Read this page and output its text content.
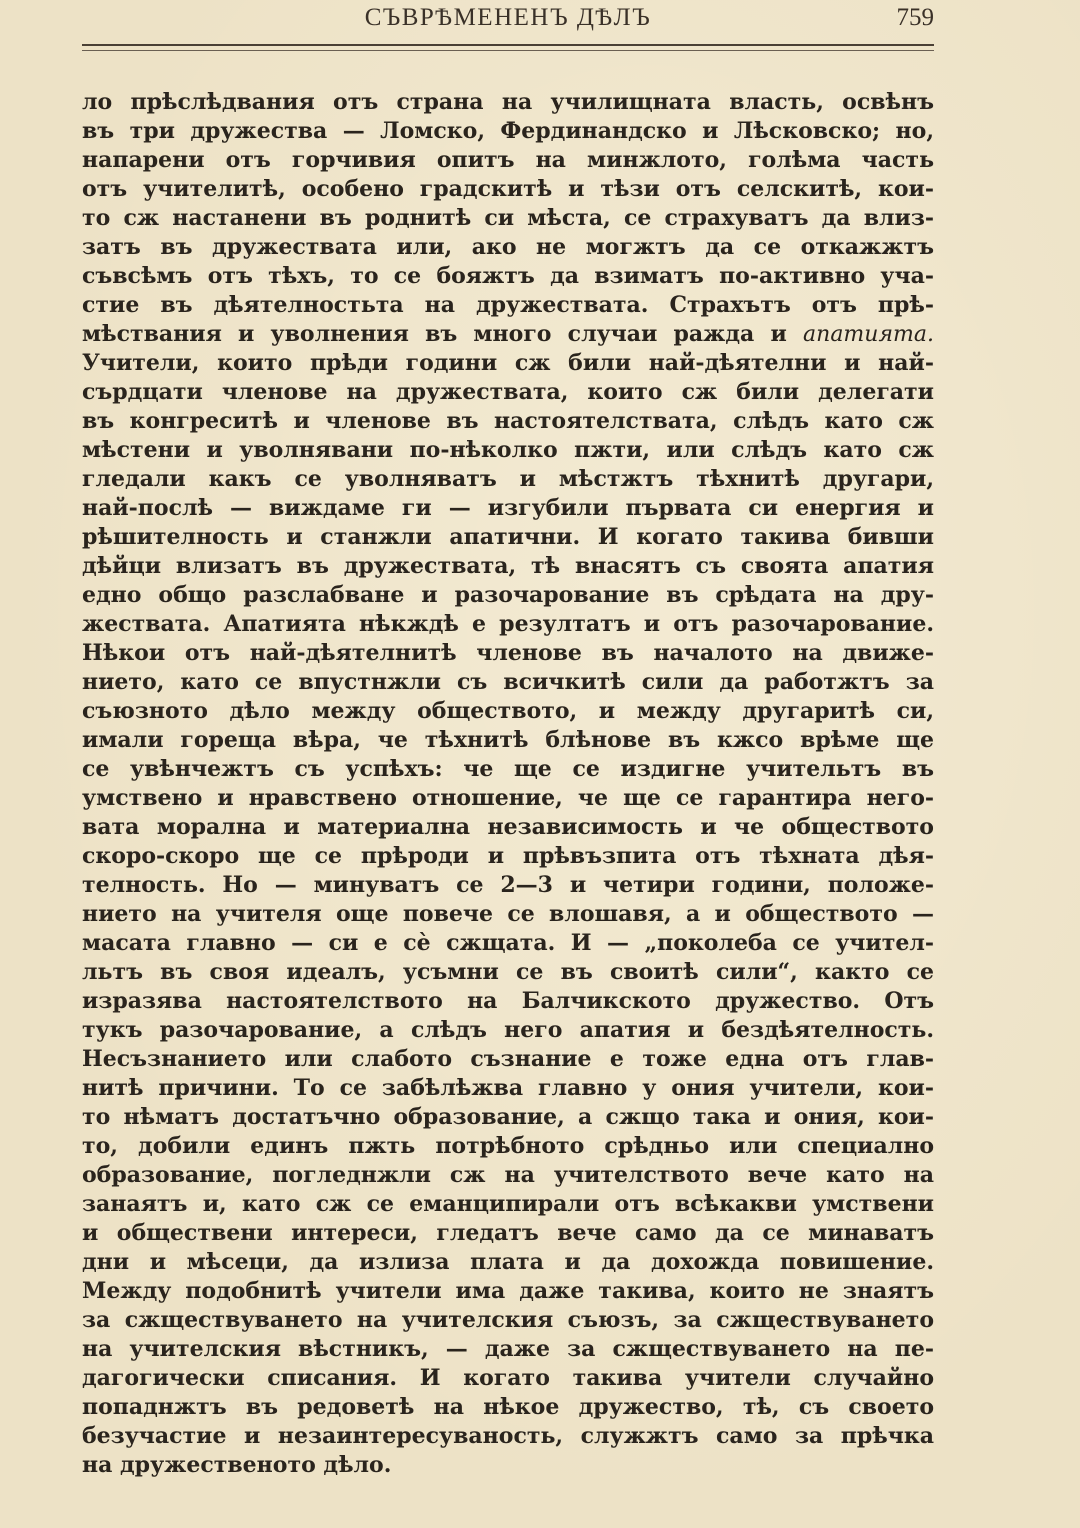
СЪВРѢМЕНЕНЪ ДѢЛЪ	759
ло прѣслѣдвания отъ страна на училищната власть, освѣнъ
въ три дружества — Ломско, Фердинандско и Лѣсковско; но,
напарени отъ горчивия опитъ на минжлото, голѣма часть
отъ учителитѣ, особено градскитѣ и тѣзи отъ селскитѣ, кои-
то сж настанени въ роднитѣ си мѣста, се страхуватъ да влиз-
затъ въ дружествата или, ако не могжтъ да се откажжтъ
съвсѣмъ отъ тѣхъ, то се бояжтъ да взиматъ по-активно уча-
стие въ дѣятелностьта на дружествата. Страхътъ отъ прѣ-
мѣствания и уволнения въ много случаи ражда и апатията.
Учители, които прѣди години сж били най-дѣятелни и най-
сърдцати членове на дружествата, които сж били делегати
въ конгреситѣ и членове въ настоятелствата, слѣдъ като сж
мѣстени и уволнявани по-нѣколко пжти, или слѣдъ като сж
гледали какъ се уволняватъ и мѣстжтъ тѣхнитѣ другари,
най-послѣ — виждаме ги — изгубили първата си енергия и
рѣшителность и станжли апатични. И когато такива бивши
дѣйци влизатъ въ дружествата, тѣ внасятъ съ своята апатия
едно общо разслабване и разочарование въ срѣдата на дру-
жествата. Апатията нѣкждѣ е резултатъ и отъ разочарование.
Нѣкои отъ най-дѣятелнитѣ членове въ началото на движе-
нието, като се впустнжли съ всичкитѣ сили да работжтъ за
съюзното дѣло между обществото, и между другаритѣ си,
имали гореща вѣра, че тѣхнитѣ блѣнове въ кжсо врѣме ще
се увѣнчежтъ съ успѣхъ: че ще се издигне учительтъ въ
умствено и нравствено отношение, че ще се гарантира него-
вата морална и материална независимость и че обществото
скоро-скоро ще се прѣроди и прѣвъзпита отъ тѣхната дѣя-
телность. Но — минуватъ се 2—3 и четири години, положе-
нието на учителя още повече се влошавя, а и обществото —
масата главно — си е сѐ сжщата. И — „поколеба се учител-
льтъ въ своя идеалъ, усъмни се въ своитѣ сили“, както се
изразява настоятелството на Балчикското дружество. Отъ
тукъ разочарование, а слѣдъ него апатия и бездѣятелность.
Несъзнанието или слабото съзнание е тоже една отъ глав-
нитѣ причини. То се забѣлѣжва главно у ония учители, кои-
то нѣматъ достатъчно образование, а сжщо така и ония, кои-
то, добили единъ пжть потрѣбното срѣдньо или специално
образование, погледнжли сж на учителството вече като на
занаятъ и, като сж се еманципирали отъ всѣкакви умствени
и обществени интереси, гледатъ вече само да се минаватъ
дни и мѣсеци, да излиза плата и да дохожда повишение.
Между подобнитѣ учители има даже такива, които не знаятъ
за сжществуването на учителския съюзъ, за сжществуването
на учителския вѣстникъ, — даже за сжществуването на пе-
дагогически списания. И когато такива учители случайно
попаднжтъ въ редоветѣ на нѣкое дружество, тѣ, съ своето
безучастие и незаинтересуваность, служжтъ само за прѣчка
на дружественото дѣло.
